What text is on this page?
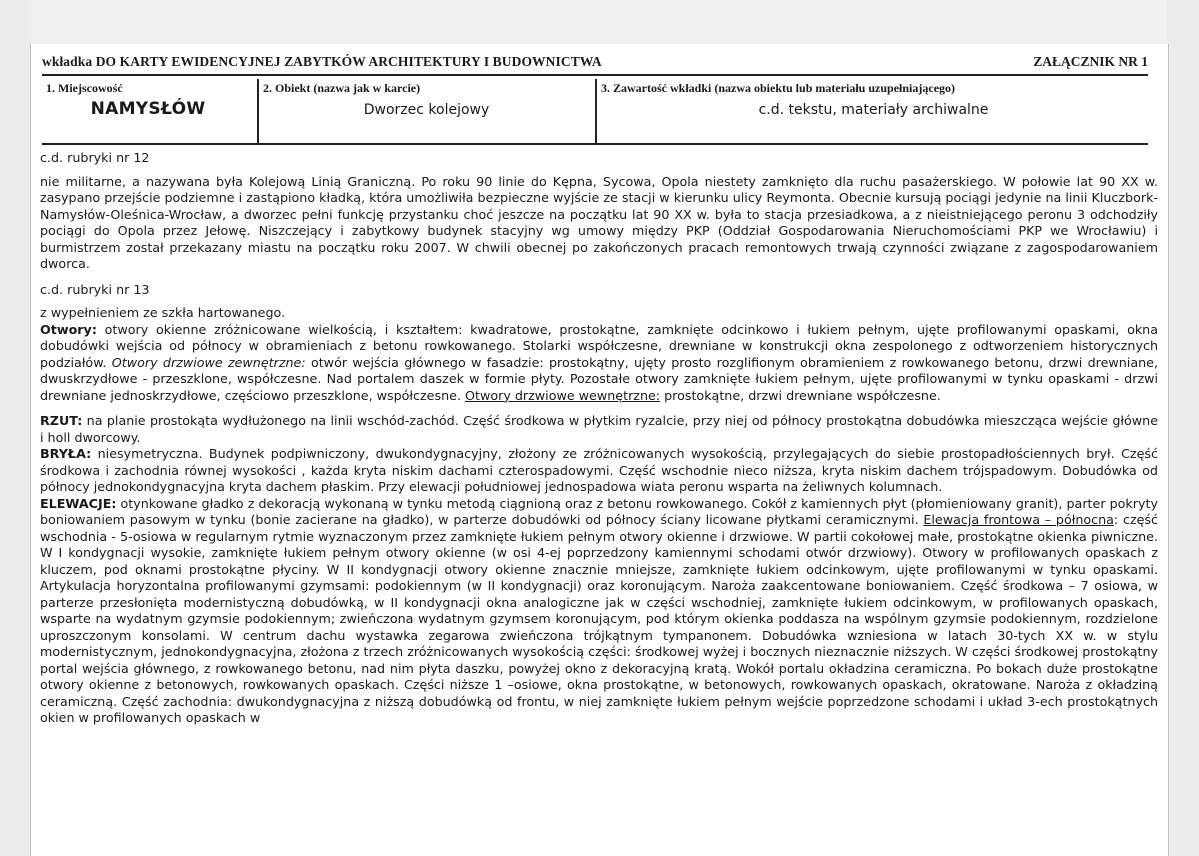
wkładka DO KARTY EWIDENCYJNEJ ZABYTKÓW ARCHITEKTURY I BUDOWNICTWA	ZAŁĄCZNIK NR 1
1. Miejscowość
NAMYSŁÓW
2. Obiekt (nazwa jak w karcie)
Dworzec kolejowy
3. Zawartość wkładki (nazwa obiektu lub materiału uzupełniającego)
c.d. tekstu, materiały archiwalne

c.d. rubryki nr 12

nie militarne, a nazywana była Kolejową Linią Graniczną. Po roku 90 linie do Kępna, Sycowa, Opola niestety zamknięto dla ruchu pasażerskiego. W połowie lat 90 XX w. zasypano przejście podziemne i zastąpiono kładką, która umożliwiła bezpieczne wyjście ze stacji w kierunku ulicy Reymonta. Obecnie kursują pociągi jedynie na linii Kluczbork-Namysłów-Oleśnica-Wrocław, a dworzec pełni funkcję przystanku choć jeszcze na początku lat 90 XX w. była to stacja przesiadkowa, a z nieistniejącego peronu 3 odchodziły pociągi do Opola przez Jełowę. Niszczejący i zabytkowy budynek stacyjny wg umowy między PKP (Oddział Gospodarowania Nieruchomościami PKP we Wrocławiu) i burmistrzem został przekazany miastu na początku roku 2007. W chwili obecnej po zakończonych pracach remontowych trwają czynności związane z zagospodarowaniem dworca.

c.d. rubryki nr 13

z wypełnieniem ze szkła hartowanego.

Otwory: otwory okienne zróżnicowane wielkością, i kształtem: kwadratowe, prostokątne, zamknięte odcinkowo i łukiem pełnym, ujęte profilowanymi opaskami, okna dobudówki wejścia od północy w obramieniach z betonu rowkowanego. Stolarki współczesne, drewniane w konstrukcji okna zespolonego z odtworzeniem historycznych podziałów. Otwory drzwiowe zewnętrzne: otwór wejścia głównego w fasadzie: prostokątny, ujęty prosto rozglifionym obramieniem z rowkowanego betonu, drzwi drewniane, dwuskrzydłowe - przeszklone, współczesne. Nad portalem daszek w formie płyty. Pozostałe otwory zamknięte łukiem pełnym, ujęte profilowanymi w tynku opaskami - drzwi drewniane jednoskrzydłowe, częściowo przeszklone, współczesne. Otwory drzwiowe wewnętrzne: prostokątne, drzwi drewniane współczesne.

RZUT: na planie prostokąta wydłużonego na linii wschód-zachód. Część środkowa w płytkim ryzalcie, przy niej od północy prostokątna dobudówka mieszcząca wejście główne i holl dworcowy.

BRYŁA: niesymetryczna. Budynek podpiwniczony, dwukondygnacyjny, złożony ze zróżnicowanych wysokością, przylegających do siebie prostopadłościennych brył. Część środkowa i zachodnia równej wysokości , każda kryta niskim dachami czterospadowymi. Część wschodnie nieco niższa, kryta niskim dachem trójspadowym. Dobudówka od północy jednokondygnacyjna kryta dachem płaskim. Przy elewacji południowej jednospadowa wiata peronu wsparta na żeliwnych kolumnach.

ELEWACJE: otynkowane gładko z dekoracją wykonaną w tynku metodą ciągnioną oraz z betonu rowkowanego. Cokół z kamiennych płyt (płomieniowany granit), parter pokryty boniowaniem pasowym w tynku (bonie zacierane na gładko), w parterze dobudówki od północy ściany licowane płytkami ceramicznymi. Elewacja frontowa – północna: część wschodnia - 5-osiowa w regularnym rytmie wyznaczonym przez zamknięte łukiem pełnym otwory okienne i drzwiowe. W partii cokołowej małe, prostokątne okienka piwniczne. W I kondygnacji wysokie, zamknięte łukiem pełnym otwory okienne (w osi 4-ej poprzedzony kamiennymi schodami otwór drzwiowy). Otwory w profilowanych opaskach z kluczem, pod oknami prostokątne płyciny. W II kondygnacji otwory okienne znacznie mniejsze, zamknięte łukiem odcinkowym, ujęte profilowanymi w tynku opaskami. Artykulacja horyzontalna profilowanymi gzymsami: podokiennym (w II kondygnacji) oraz koronującym. Naroża zaakcentowane boniowaniem. Część środkowa – 7 osiowa, w parterze przesłonięta modernistyczną dobudówką, w II kondygnacji okna analogiczne jak w części wschodniej, zamknięte łukiem odcinkowym, w profilowanych opaskach, wsparte na wydatnym gzymsie podokiennym; zwieńczona wydatnym gzymsem koronującym, pod którym okienka poddasza na wspólnym gzymsie podokiennym, rozdzielone uproszczonym konsolami. W centrum dachu wystawka zegarowa zwieńczona trójkątnym tympanonem. Dobudówka wzniesiona w latach 30-tych XX w. w stylu modernistycznym, jednokondygnacyjna, złożona z trzech zróżnicowanych wysokością części: środkowej wyżej i bocznych nieznacznie niższych. W części środkowej prostokątny portal wejścia głównego, z rowkowanego betonu, nad nim płyta daszku, powyżej okno z dekoracyjną kratą. Wokół portalu okładzina ceramiczna. Po bokach duże prostokątne otwory okienne z betonowych, rowkowanych opaskach. Części niższe 1 –osiowe, okna prostokątne, w betonowych, rowkowanych opaskach, okratowane. Naroża z okładziną ceramiczną. Część zachodnia: dwukondygnacyjna z niższą dobudówką od frontu, w niej zamknięte łukiem pełnym wejście poprzedzone schodami i układ 3-ech prostokątnych okien w profilowanych opaskach w
